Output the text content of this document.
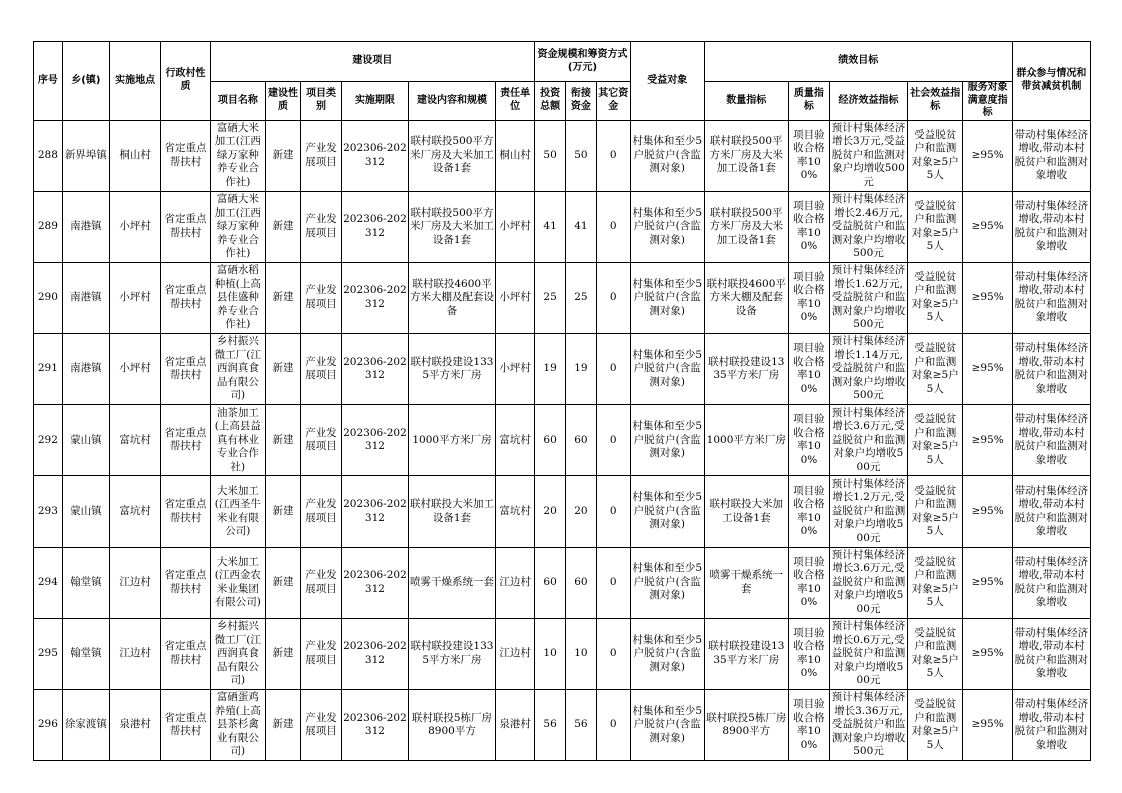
序号	乡(镇)	实施地点	行政村性质	建设项目						资金规模和筹资方式(万元)			受益对象	绩效目标					群众参与情况和带贫减贫机制
				项目名称	建设性质	项目类别	实施期限	建设内容和规模	责任单位	投资总额	衔接资金	其它资金		数量指标	质量指标	经济效益指标	社会效益指标	服务对象满意度指标	
288	新界埠镇	桐山村	省定重点帮扶村	富硒大米加工(江西绿万家种养专业合作社)	新建	产业发展项目	202306-202312	联村联投500平方米厂房及大米加工设备1套	桐山村	50	50	0	村集体和至少5户脱贫户(含监测对象)	联村联投500平方米厂房及大米加工设备1套	项目验收合格率100%	预计村集体经济增长3万元,受益脱贫户和监测对象户均增收500元	受益脱贫户和监测对象≥5户5人	≥95%	带动村集体经济增收,带动本村脱贫户和监测对象增收
289	南港镇	小坪村	省定重点帮扶村	富硒大米加工(江西绿万家种养专业合作社)	新建	产业发展项目	202306-202312	联村联投500平方米厂房及大米加工设备1套	小坪村	41	41	0	村集体和至少5户脱贫户(含监测对象)	联村联投500平方米厂房及大米加工设备1套	项目验收合格率100%	预计村集体经济增长2.46万元,受益脱贫户和监测对象户均增收500元	受益脱贫户和监测对象≥5户5人	≥95%	带动村集体经济增收,带动本村脱贫户和监测对象增收
290	南港镇	小坪村	省定重点帮扶村	富硒水稻种植(上高县佳盛种养专业合作社)	新建	产业发展项目	202306-202312	联村联投4600平方米大棚及配套设备	小坪村	25	25	0	村集体和至少5户脱贫户(含监测对象)	联村联投4600平方米大棚及配套设备	项目验收合格率100%	预计村集体经济增长1.62万元,受益脱贫户和监测对象户均增收500元	受益脱贫户和监测对象≥5户5人	≥95%	带动村集体经济增收,带动本村脱贫户和监测对象增收
291	南港镇	小坪村	省定重点帮扶村	乡村振兴微工厂(江西润真食品有限公司)	新建	产业发展项目	202306-202312	联村联投建设1335平方米厂房	小坪村	19	19	0	村集体和至少5户脱贫户(含监测对象)	联村联投建设1335平方米厂房	项目验收合格率100%	预计村集体经济增长1.14万元,受益脱贫户和监测对象户均增收500元	受益脱贫户和监测对象≥5户5人	≥95%	带动村集体经济增收,带动本村脱贫户和监测对象增收
292	蒙山镇	富坑村	省定重点帮扶村	油茶加工(上高县益真有林业专业合作社)	新建	产业发展项目	202306-202312	1000平方米厂房	富坑村	60	60	0	村集体和至少5户脱贫户(含监测对象)	1000平方米厂房	项目验收合格率100%	预计村集体经济增长3.6万元,受益脱贫户和监测对象户均增收500元	受益脱贫户和监测对象≥5户5人	≥95%	带动村集体经济增收,带动本村脱贫户和监测对象增收
293	蒙山镇	富坑村	省定重点帮扶村	大米加工(江西圣牛米业有限公司)	新建	产业发展项目	202306-202312	联村联投大米加工设备1套	富坑村	20	20	0	村集体和至少5户脱贫户(含监测对象)	联村联投大米加工设备1套	项目验收合格率100%	预计村集体经济增长1.2万元,受益脱贫户和监测对象户均增收500元	受益脱贫户和监测对象≥5户5人	≥95%	带动村集体经济增收,带动本村脱贫户和监测对象增收
294	翰堂镇	江边村	省定重点帮扶村	大米加工(江西金农米业集团有限公司)	新建	产业发展项目	202306-202312	喷雾干燥系统一套	江边村	60	60	0	村集体和至少5户脱贫户(含监测对象)	喷雾干燥系统一套	项目验收合格率100%	预计村集体经济增长3.6万元,受益脱贫户和监测对象户均增收500元	受益脱贫户和监测对象≥5户5人	≥95%	带动村集体经济增收,带动本村脱贫户和监测对象增收
295	翰堂镇	江边村	省定重点帮扶村	乡村振兴微工厂(江西润真食品有限公司)	新建	产业发展项目	202306-202312	联村联投建设1335平方米厂房	江边村	10	10	0	村集体和至少5户脱贫户(含监测对象)	联村联投建设1335平方米厂房	项目验收合格率100%	预计村集体经济增长0.6万元,受益脱贫户和监测对象户均增收500元	受益脱贫户和监测对象≥5户5人	≥95%	带动村集体经济增收,带动本村脱贫户和监测对象增收
296	徐家渡镇	泉港村	省定重点帮扶村	富硒蛋鸡养殖(上高县茶杉禽业有限公司)	新建	产业发展项目	202306-202312	联村联投5栋厂房8900平方	泉港村	56	56	0	村集体和至少5户脱贫户(含监测对象)	联村联投5栋厂房8900平方	项目验收合格率100%	预计村集体经济增长3.36万元,受益脱贫户和监测对象户均增收500元	受益脱贫户和监测对象≥5户5人	≥95%	带动村集体经济增收,带动本村脱贫户和监测对象增收
